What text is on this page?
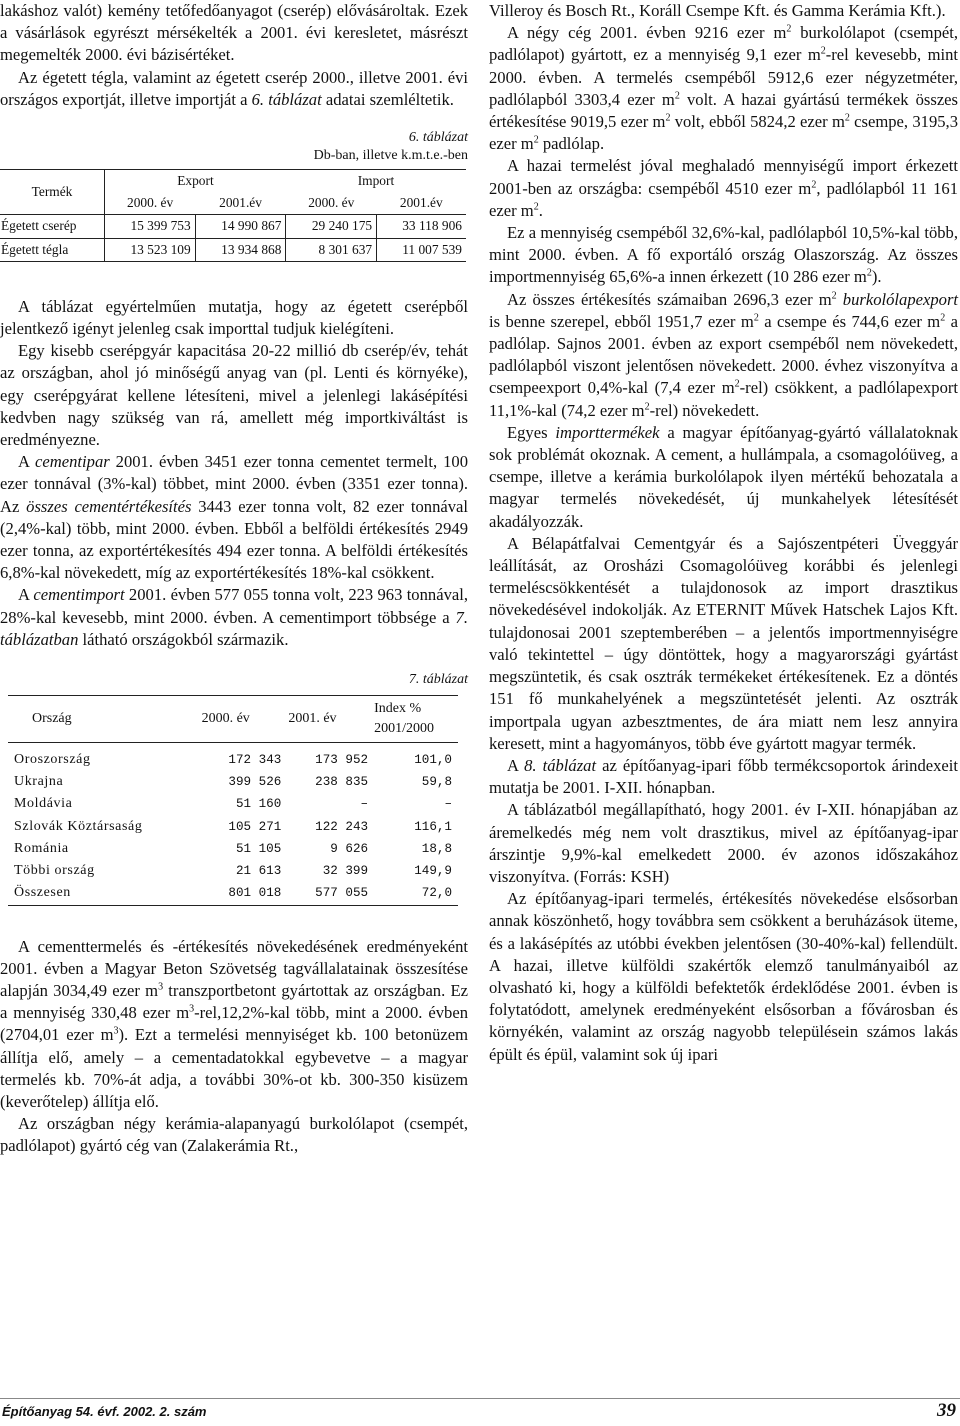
lakáshoz valót) kemény tetőfedőanyagot (cserép) elővásároltak. Ezek a vásárlások egyrészt mérsékelték a 2001. évi keresletet, másrészt megemelték 2000. évi bázisértéket.

Az égetett tégla, valamint az égetett cserép 2000., illetve 2001. évi országos exportját, illetve importját a 6. táblázat adatai szemléltetik.

6. táblázat
Db-ban, illetve k.m.t.e.-ben
Termék	Export		Import	
	2000. év	2001.év	2000. év	2001.év
Égetett cserép	15 399 753	14 990 867	29 240 175	33 118 906
Égetett tégla	13 523 109	13 934 868	8 301 637	11 007 539

A táblázat egyértelműen mutatja, hogy az égetett cserépből jelentkező igényt jelenleg csak importtal tudjuk kielégíteni.

Egy kisebb cserépgyár kapacitása 20-22 millió db cserép/év, tehát az országban, ahol jó minőségű anyag van (pl. Lenti és környéke), egy cserépgyárat kellene létesíteni, mivel a jelenlegi lakásépítési kedvben nagy szükség van rá, amellett még importkiváltást is eredményezne.

A cementipar 2001. évben 3451 ezer tonna cementet termelt, 100 ezer tonnával (3%-kal) többet, mint 2000. évben (3351 ezer tonna). Az összes cementértékesítés 3443 ezer tonna volt, 82 ezer tonnával (2,4%-kal) több, mint 2000. évben. Ebből a belföldi értékesítés 2949 ezer tonna, az exportértékesítés 494 ezer tonna. A belföldi értékesítés 6,8%-kal növekedett, míg az exportértékesítés 18%-kal csökkent.

A cementimport 2001. évben 577 055 tonna volt, 223 963 tonnával, 28%-kal kevesebb, mint 2000. évben. A cementimport többsége a 7. táblázatban látható országokból származik.

7. táblázat
Ország	2000. év	2001. év	Index %
2001/2000

Oroszország	172 343	173 952	101,0
Ukrajna	399 526	238 835	59,8
Moldávia	51 160	–	–
Szlovák Köztársaság	105 271	122 243	116,1
Románia	51 105	9 626	18,8
Többi ország	21 613	32 399	149,9
Összesen	801 018	577 055	72,0

A cementtermelés és -értékesítés növekedésének eredményeként 2001. évben a Magyar Beton Szövetség tagvállalatainak összesítése alapján 3034,49 ezer $m^3$ transzportbetont gyártottak az országban. Ez a mennyiség 330,48 ezer $m^3-rel,12,2\%$-kal több, mint a 2000. évben (2704,01 ezer $m^3$). Ezt a termelési mennyiséget kb. 100 betonüzem állítja elő, amely – a cementadatokkal egybevetve – a magyar termelés kb. 70%-át adja, a további 30%-ot kb. 300-350 kisüzem (keverőtelep) állítja elő.

Az országban négy kerámia-alapanyagú burkolólapot (csempét, padlólapot) gyártó cég van (Zalakerámia Rt.,

Villeroy és Bosch Rt., Koráll Csempe Kft. és Gamma Kerámia Kft.).

A négy cég 2001. évben 9216 ezer $m^2$ burkolólapot (csempét, padlólapot) gyártott, ez a mennyiség 9,1 ezer $m^2$-rel kevesebb, mint 2000. évben. A termelés csempéből 5912,6 ezer négyzetméter, padlólapból 3303,4 ezer $m^2$ volt. A hazai gyártású termékek összes értékesítése 9019,5 ezer $m^2$ volt, ebből 5824,2 ezer $m^2$ csempe, 3195,3 ezer $m^2$ padlólap.

A hazai termelést jóval meghaladó mennyiségű import érkezett 2001-ben az országba: csempéből 4510 ezer $m^2$, padlólapból 11 161 ezer $m^2$.

Ez a mennyiség csempéből 32,6%-kal, padlólapból 10,5%-kal több, mint 2000. évben. A fő exportáló ország Olaszország. Az összes importmennyiség 65,6%-a innen érkezett (10 286 ezer $m^2$).

Az összes értékesítés számaiban 2696,3 ezer $m^2$ burkolólapexport is benne szerepel, ebből 1951,7 ezer $m^2$ a csempe és 744,6 ezer $m^2$ a padlólap. Sajnos 2001. évben az export csempéből nem növekedett, padlólapból viszont jelentősen növekedett. 2000. évhez viszonyítva a csempeexport 0,4%-kal (7,4 ezer $m^2-rel$) csökkent, a padlólapexport 11,1%-kal (74,2 ezer $m^2-rel$) növekedett.

Egyes importtermékek a magyar építőanyag-gyártó vállalatoknak sok problémát okoznak. A cement, a hullámpala, a csomagolóüveg, a csempe, illetve a kerámia burkolólapok ilyen mértékű behozatala a magyar termelés növekedését, új munkahelyek létesítését akadályozzák.

A Bélapátfalvai Cementgyár és a Sajószentpéteri Üveggyár leállítását, az Orosházi Csomagolóüveg korábbi és jelenlegi termeléscsökkentését a tulajdonosok az import drasztikus növekedésével indokolják. Az ETERNIT Művek Hatschek Lajos Kft. tulajdonosai 2001 szeptemberében – a jelentős importmennyiségre való tekintettel – úgy döntöttek, hogy a magyarországi gyártást megszüntetik, és csak osztrák termékeket értékesítenek. Ez a döntés 151 fő munkahelyének a megszüntetését jelenti. Az osztrák importpala ugyan azbesztmentes, de ára miatt nem lesz annyira keresett, mint a hagyományos, több éve gyártott magyar termék.

A 8. táblázat az építőanyag-ipari főbb termékcsoportok árindexeit mutatja be 2001. I-XII. hónapban.

A táblázatból megállapítható, hogy 2001. év I-XII. hónapjában az áremelkedés még nem volt drasztikus, mivel az építőanyag-ipar árszintje 9,9%-kal emelkedett 2000. év azonos időszakához viszonyítva. (Forrás: KSH)

Az építőanyag-ipari termelés, értékesítés növekedése elsősorban annak köszönhető, hogy továbbra sem csökkent a beruházások üteme, és a lakásépítés az utóbbi években jelentősen (30-40%-kal) fellendült. A hazai, illetve külföldi szakértők elemző tanulmányaiból az olvasható ki, hogy a külföldi befektetők érdeklődése 2001. évben is folytatódott, amelynek eredményeként elsősorban a fővárosban és környékén, valamint az ország nagyobb településein számos lakás épült és épül, valamint sok új ipari

Építőanyag 54. évf. 2002. 2. szám	39
